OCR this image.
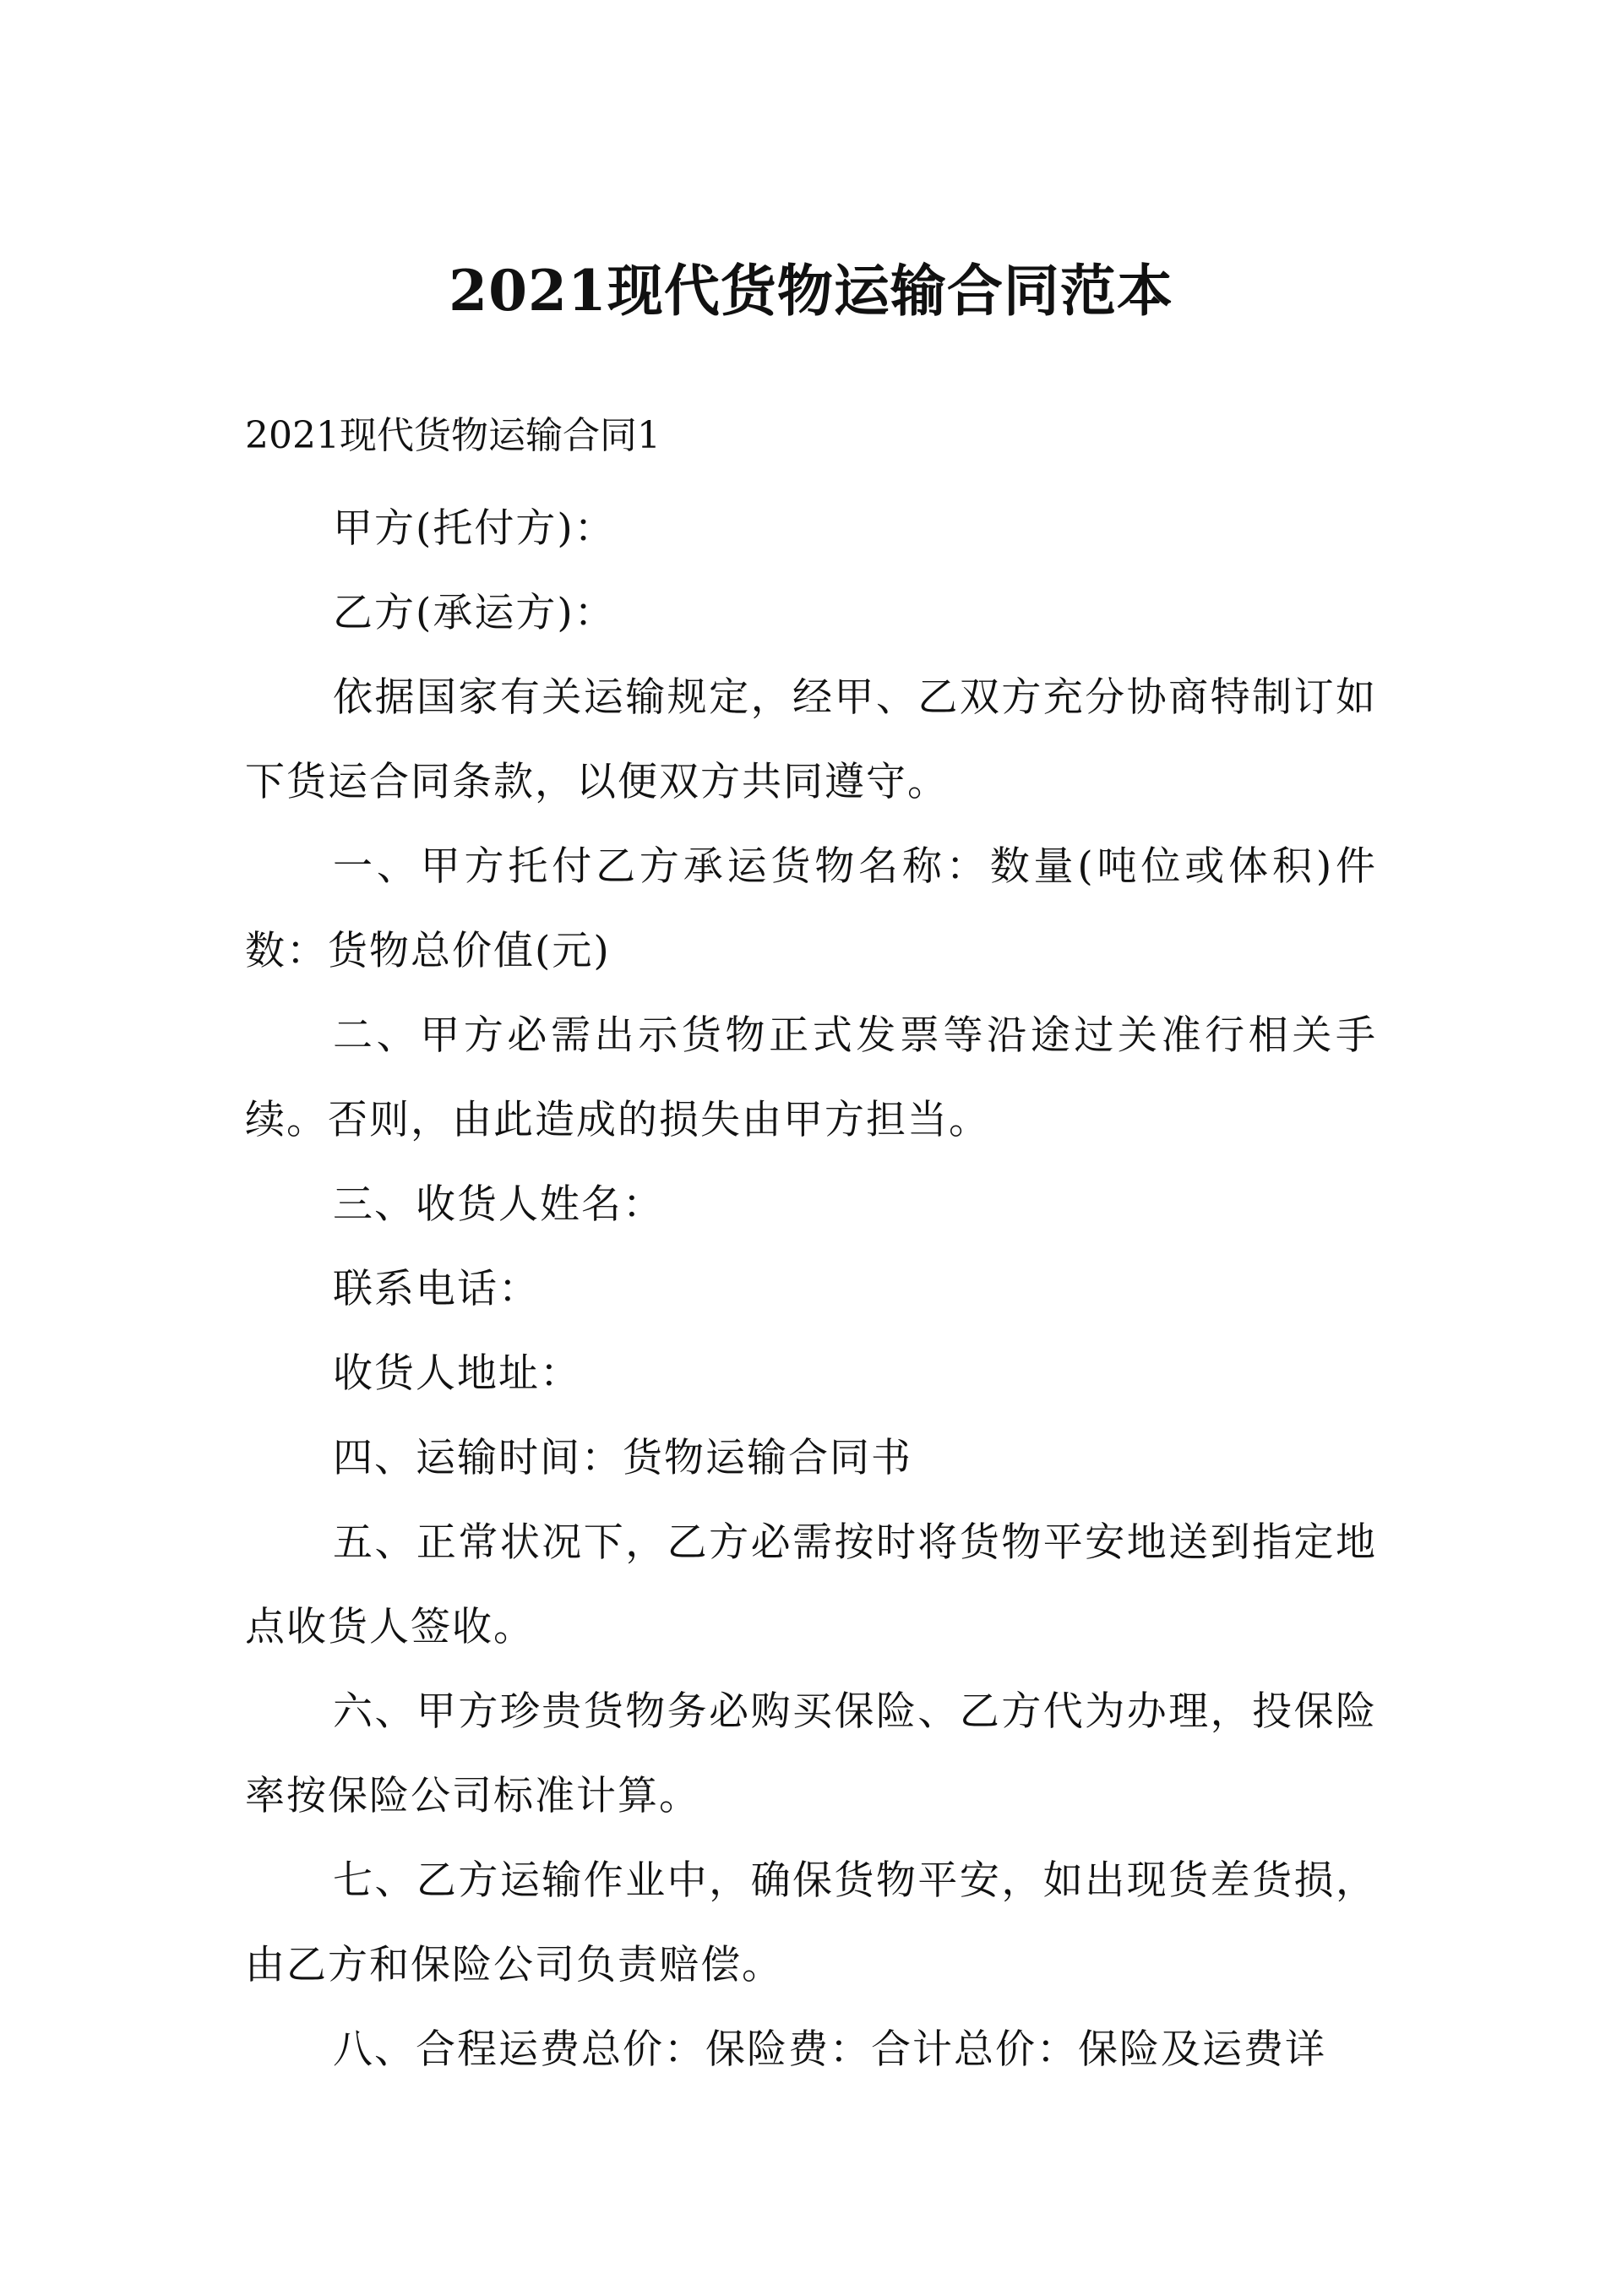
2021现代货物运输合同范本
2021现代货物运输合同1

甲方(托付方)：

乙方(承运方)：

依据国家有关运输规定，经甲、乙双方充分协商特制订如下货运合同条款，以便双方共同遵守。

一、甲方托付乙方承运货物名称：数量(吨位或体积)件数：货物总价值(元)

二、甲方必需出示货物正式发票等沿途过关准行相关手续。否则，由此造成的损失由甲方担当。

三、收货人姓名：

联系电话：

收货人地址：

四、运输时间：货物运输合同书

五、正常状况下，乙方必需按时将货物平安地送到指定地点收货人签收。

六、甲方珍贵货物务必购买保险、乙方代为办理，投保险率按保险公司标准计算。

七、乙方运输作业中，确保货物平安，如出现货差货损，由乙方和保险公司负责赔偿。

八、合程运费总价：保险费：合计总价：保险及运费详
